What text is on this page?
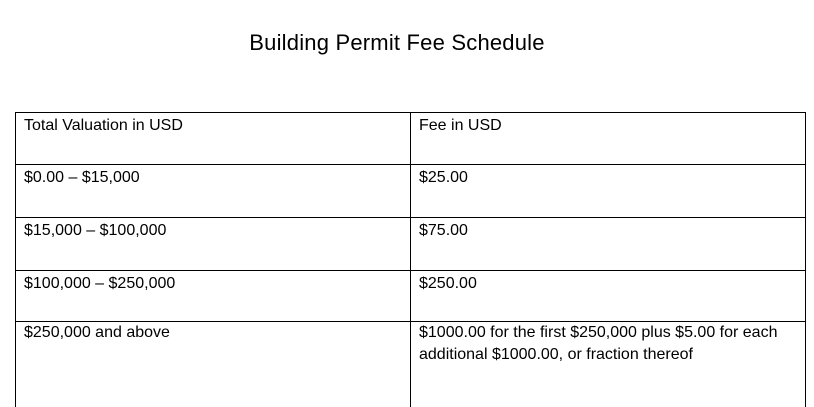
Building Permit Fee Schedule
Total Valuation in USD	Fee in USD
$0.00 – $15,000	$25.00
$15,000 – $100,000	$75.00
$100,000 – $250,000	$250.00
$250,000 and above	$1000.00 for the first $250,000 plus $5.00 for each additional $1000.00, or fraction thereof
